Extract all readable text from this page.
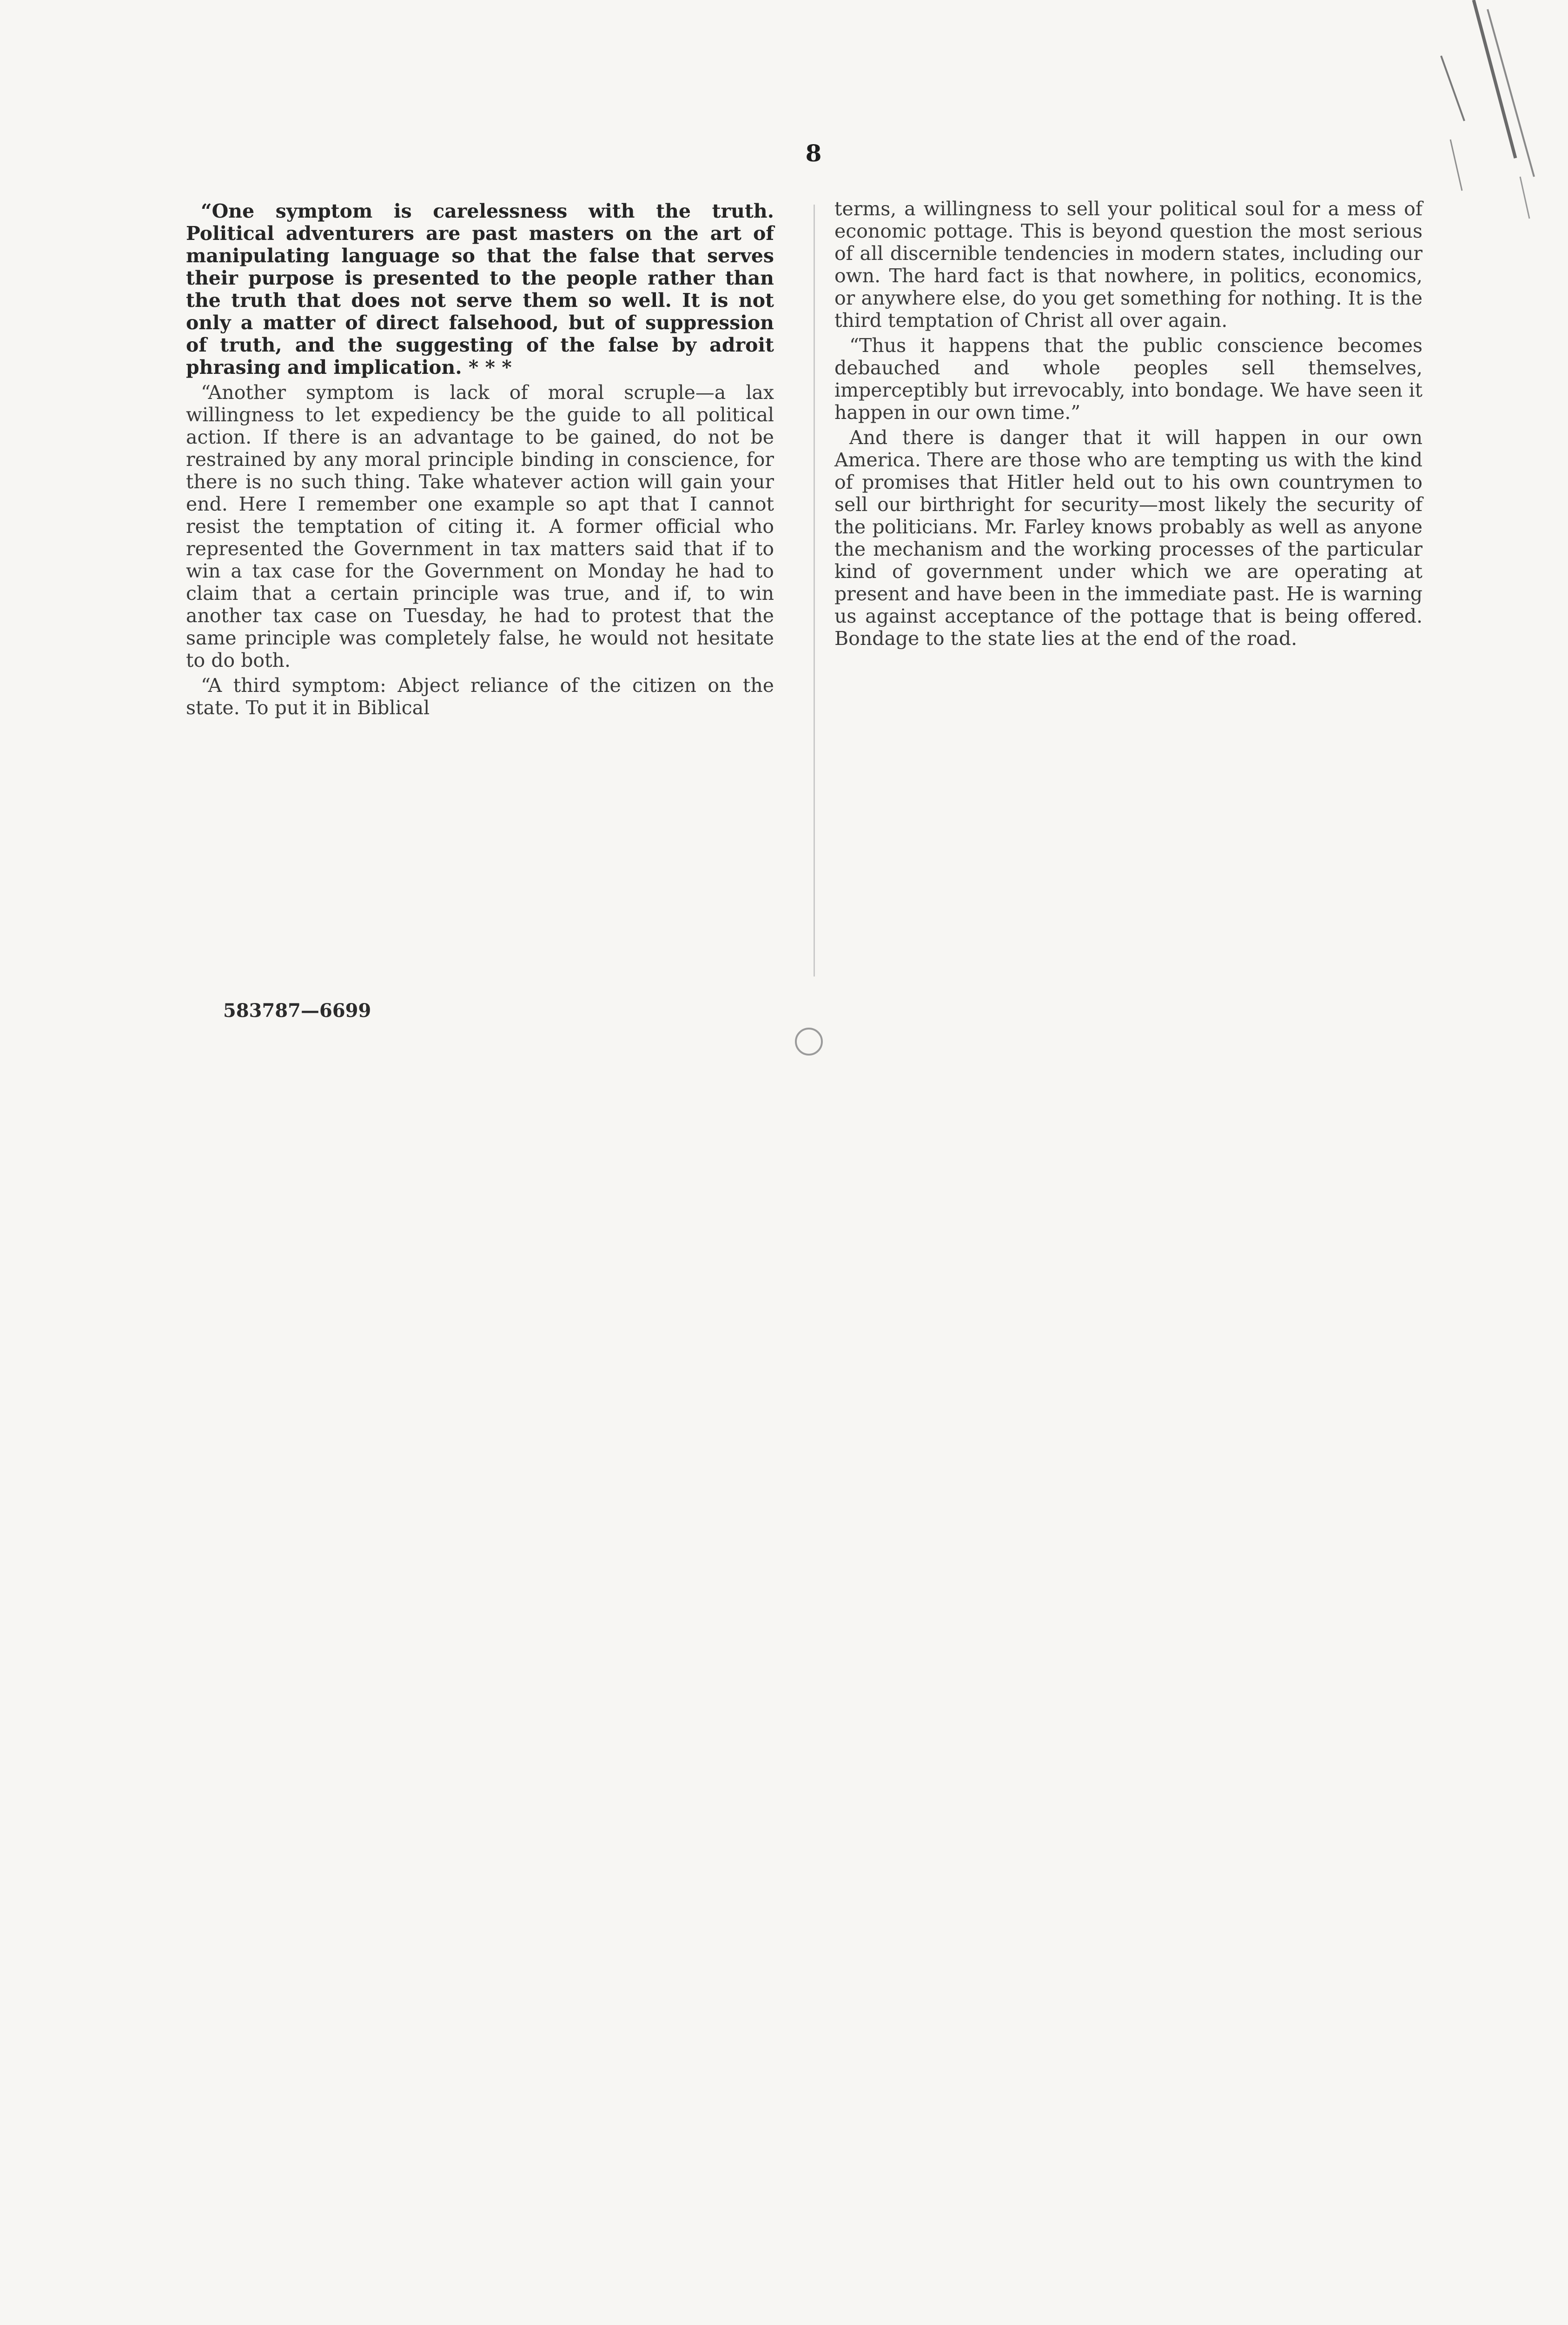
8

“One symptom is carelessness with the truth. Political adventurers are past masters on the art of manipulating language so that the false that serves their purpose is presented to the people rather than the truth that does not serve them so well. It is not only a matter of direct falsehood, but of suppression of truth, and the suggesting of the false by adroit phrasing and implication. * * *

“Another symptom is lack of moral scruple—a lax willingness to let expediency be the guide to all political action. If there is an advantage to be gained, do not be restrained by any moral principle binding in conscience, for there is no such thing. Take whatever action will gain your end. Here I remember one example so apt that I cannot resist the temptation of citing it. A former official who represented the Government in tax matters said that if to win a tax case for the Government on Monday he had to claim that a certain principle was true, and if, to win another tax case on Tuesday, he had to protest that the same principle was completely false, he would not hesitate to do both.

“A third symptom: Abject reliance of the citizen on the state. To put it in Biblical

terms, a willingness to sell your political soul for a mess of economic pottage. This is beyond question the most serious of all discernible tendencies in modern states, including our own. The hard fact is that nowhere, in politics, economics, or anywhere else, do you get something for nothing. It is the third temptation of Christ all over again.

“Thus it happens that the public conscience becomes debauched and whole peoples sell themselves, imperceptibly but irrevocably, into bondage. We have seen it happen in our own time.”

And there is danger that it will happen in our own America. There are those who are tempting us with the kind of promises that Hitler held out to his own countrymen to sell our birthright for security—most likely the security of the politicians. Mr. Farley knows probably as well as anyone the mechanism and the working processes of the particular kind of government under which we are operating at present and have been in the immediate past. He is warning us against acceptance of the pottage that is being offered. Bondage to the state lies at the end of the road.

583787—6699
